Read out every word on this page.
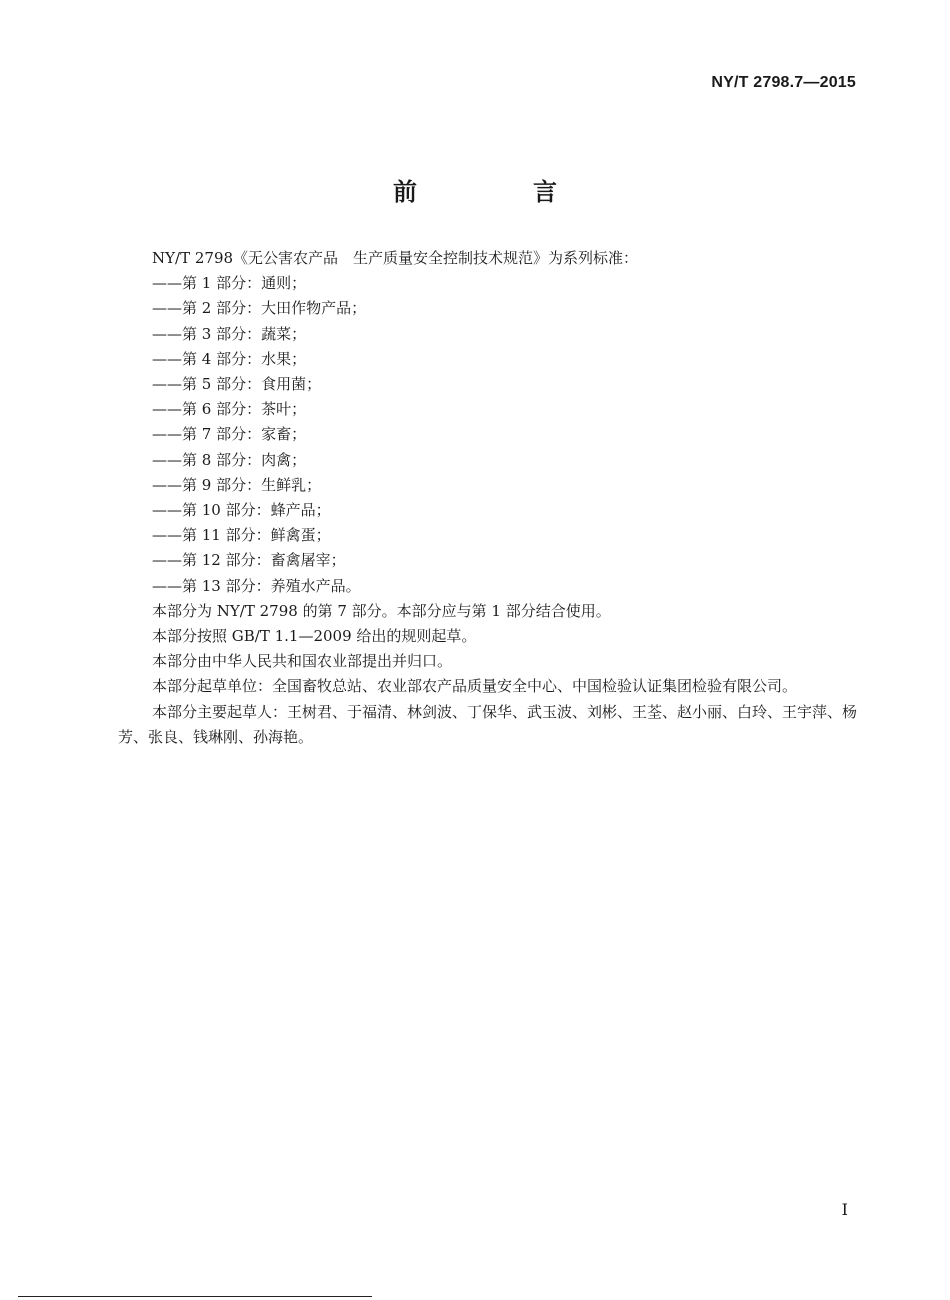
NY/T 2798.7—2015
前　言

NY/T 2798《无公害农产品　生产质量安全控制技术规范》为系列标准：

——第 1 部分：通则；
——第 2 部分：大田作物产品；
——第 3 部分：蔬菜；
——第 4 部分：水果；
——第 5 部分：食用菌；
——第 6 部分：茶叶；
——第 7 部分：家畜；
——第 8 部分：肉禽；
——第 9 部分：生鲜乳；
——第 10 部分：蜂产品；
——第 11 部分：鲜禽蛋；
——第 12 部分：畜禽屠宰；
——第 13 部分：养殖水产品。

本部分为 NY/T 2798 的第 7 部分。本部分应与第 1 部分结合使用。

本部分按照 GB/T 1.1—2009 给出的规则起草。

本部分由中华人民共和国农业部提出并归口。

本部分起草单位：全国畜牧总站、农业部农产品质量安全中心、中国检验认证集团检验有限公司。

本部分主要起草人：王树君、于福清、林剑波、丁保华、武玉波、刘彬、王荃、赵小丽、白玲、王宇萍、杨芳、张良、钱琳刚、孙海艳。

I
